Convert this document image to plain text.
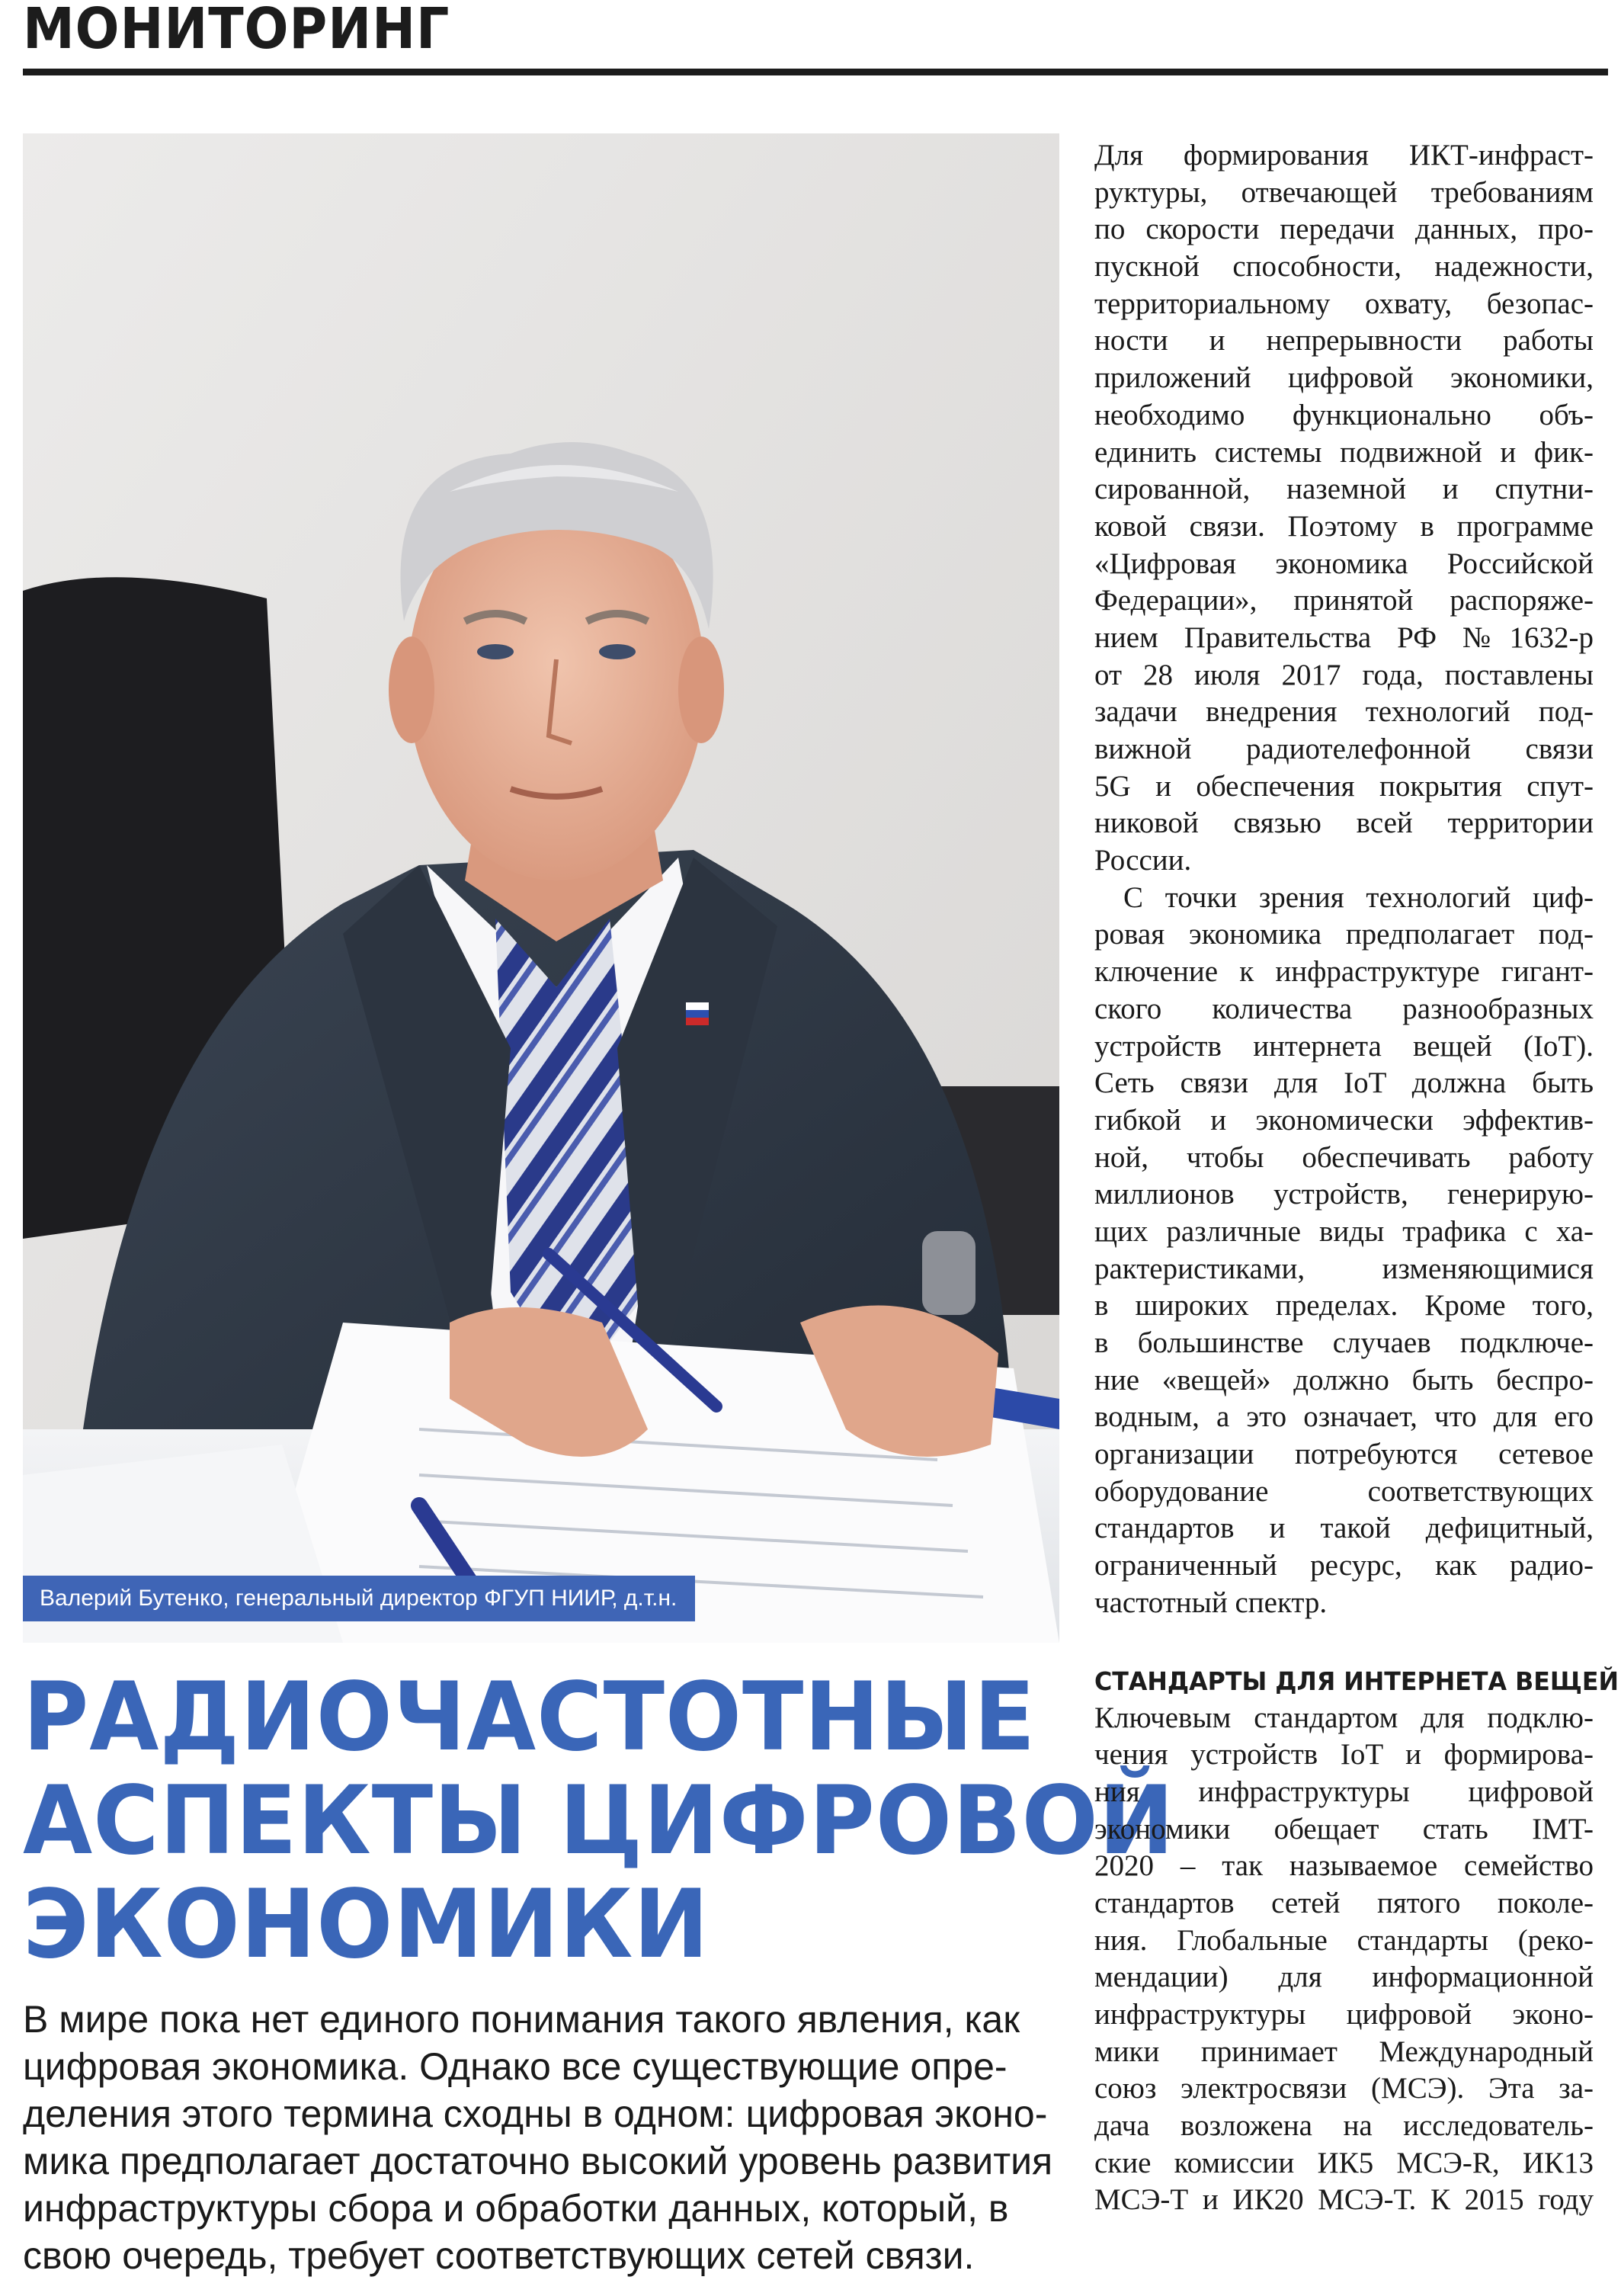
МОНИТОРИНГ
Валерий Бутенко, генеральный директор ФГУП НИИР, д.т.н.
РАДИОЧАСТОТНЫЕ
АСПЕКТЫ ЦИФРОВОЙ
ЭКОНОМИКИ

В мире пока нет единого понимания такого явления, как
цифровая экономика. Однако все существующие опре-
деления этого термина сходны в одном: цифровая эконо-
мика предполагает достаточно высокий уровень развития
инфраструктуры сбора и обработки данных, который, в
свою очередь, требует соответствующих сетей связи.

Для формирования ИКТ-инфраст-
руктуры, отвечающей требованиям
по скорости передачи данных, про-
пускной способности, надежности,
территориальному охвату, безопас-
ности и непрерывности работы
приложений цифровой экономики,
необходимо функционально объ-
единить системы подвижной и фик-
сированной, наземной и спутни-
ковой связи. Поэтому в программе
«Цифровая экономика Российской
Федерации», принятой распоряже-
нием Правительства РФ №1632-р
от 28 июля 2017 года, поставлены
задачи внедрения технологий под-
вижной радиотелефонной связи
5G и обеспечения покрытия спут-
никовой связью всей территории
России.
С точки зрения технологий циф-
ровая экономика предполагает под-
ключение к инфраструктуре гигант-
ского количества разнообразных
устройств интернета вещей (IoT).
Сеть связи для IoT должна быть
гибкой и экономически эффектив-
ной, чтобы обеспечивать работу
миллионов устройств, генерирую-
щих различные виды трафика с ха-
рактеристиками, изменяющимися
в широких пределах. Кроме того,
в большинстве случаев подключе-
ние «вещей» должно быть беспро-
водным, а это означает, что для его
организации потребуются сетевое
оборудование соответствующих
стандартов и такой дефицитный,
ограниченный ресурс, как радио-
частотный спектр.
СТАНДАРТЫ ДЛЯ ИНТЕРНЕТА ВЕЩЕЙ
Ключевым стандартом для подклю-
чения устройств IoT и формирова-
ния инфраструктуры цифровой
экономики обещает стать IMT-
2020 – так называемое семейство
стандартов сетей пятого поколе-
ния. Глобальные стандарты (реко-
мендации) для информационной
инфраструктуры цифровой эконо-
мики принимает Международный
союз электросвязи (МСЭ). Эта за-
дача возложена на исследователь-
ские комиссии ИК5 МСЭ-R, ИК13
МСЭ-Т и ИК20 МСЭ-Т. К 2015 году
